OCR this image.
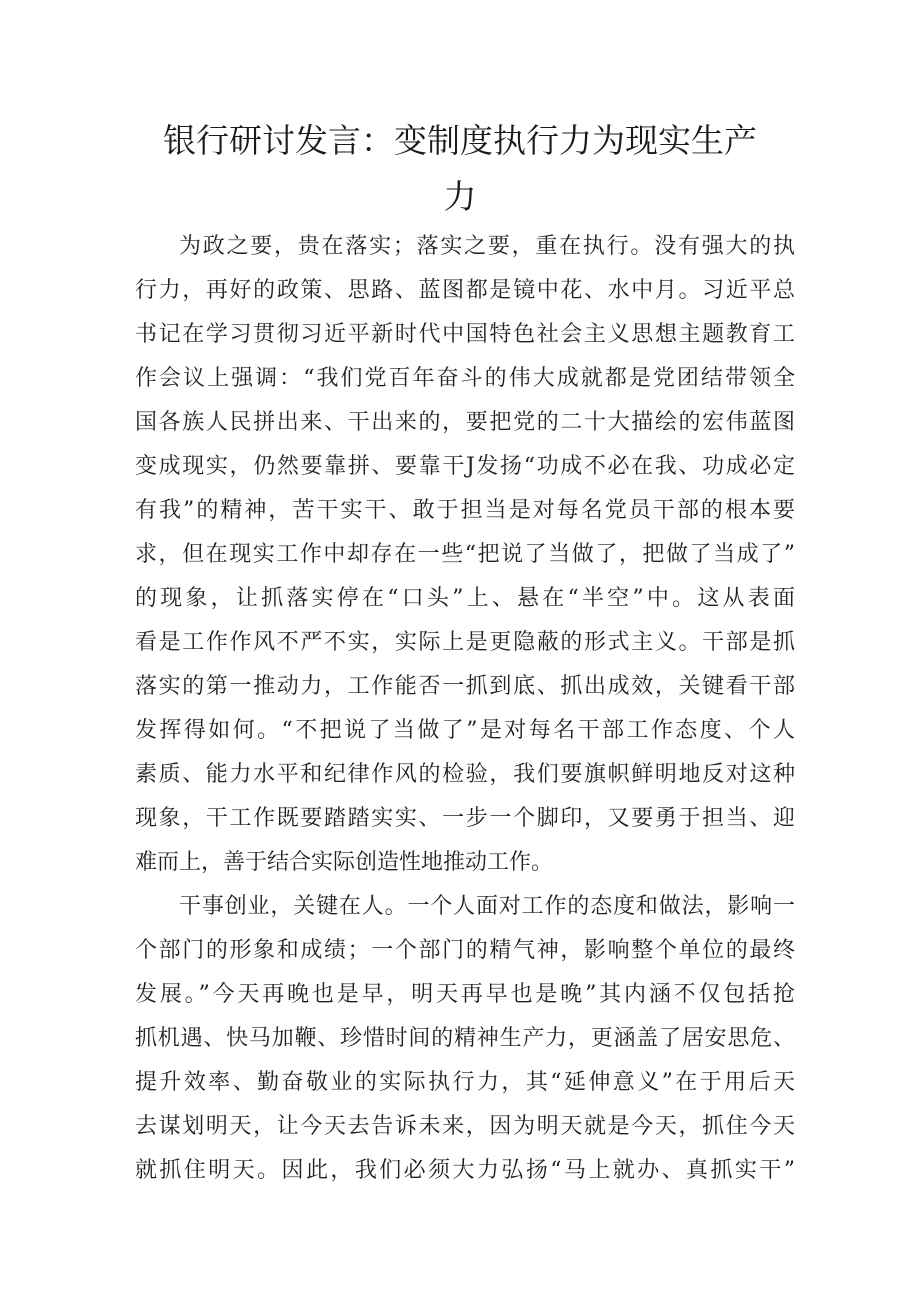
银行研讨发言：变制度执行力为现实生产
力
为政之要，贵在落实；落实之要，重在执行。没有强大的执
行力，再好的政策、思路、蓝图都是镜中花、水中月。习近平总
书记在学习贯彻习近平新时代中国特色社会主义思想主题教育工
作会议上强调：“我们党百年奋斗的伟大成就都是党团结带领全
国各族人民拼出来、干出来的，要把党的二十大描绘的宏伟蓝图
变成现实，仍然要靠拼、要靠干J发扬“功成不必在我、功成必定
有我”的精神，苦干实干、敢于担当是对每名党员干部的根本要
求，但在现实工作中却存在一些“把说了当做了，把做了当成了”
的现象，让抓落实停在“口头”上、悬在“半空”中。这从表面
看是工作作风不严不实，实际上是更隐蔽的形式主义。干部是抓
落实的第一推动力，工作能否一抓到底、抓出成效，关键看干部
发挥得如何。“不把说了当做了”是对每名干部工作态度、个人
素质、能力水平和纪律作风的检验，我们要旗帜鲜明地反对这种
现象，干工作既要踏踏实实、一步一个脚印，又要勇于担当、迎
难而上，善于结合实际创造性地推动工作。
干事创业，关键在人。一个人面对工作的态度和做法，影响一
个部门的形象和成绩；一个部门的精气神，影响整个单位的最终
发展。”今天再晚也是早，明天再早也是晚”其内涵不仅包括抢
抓机遇、快马加鞭、珍惜时间的精神生产力，更涵盖了居安思危、
提升效率、勤奋敬业的实际执行力，其“延伸意义”在于用后天
去谋划明天，让今天去告诉未来，因为明天就是今天，抓住今天
就抓住明天。因此，我们必须大力弘扬“马上就办、真抓实干”
